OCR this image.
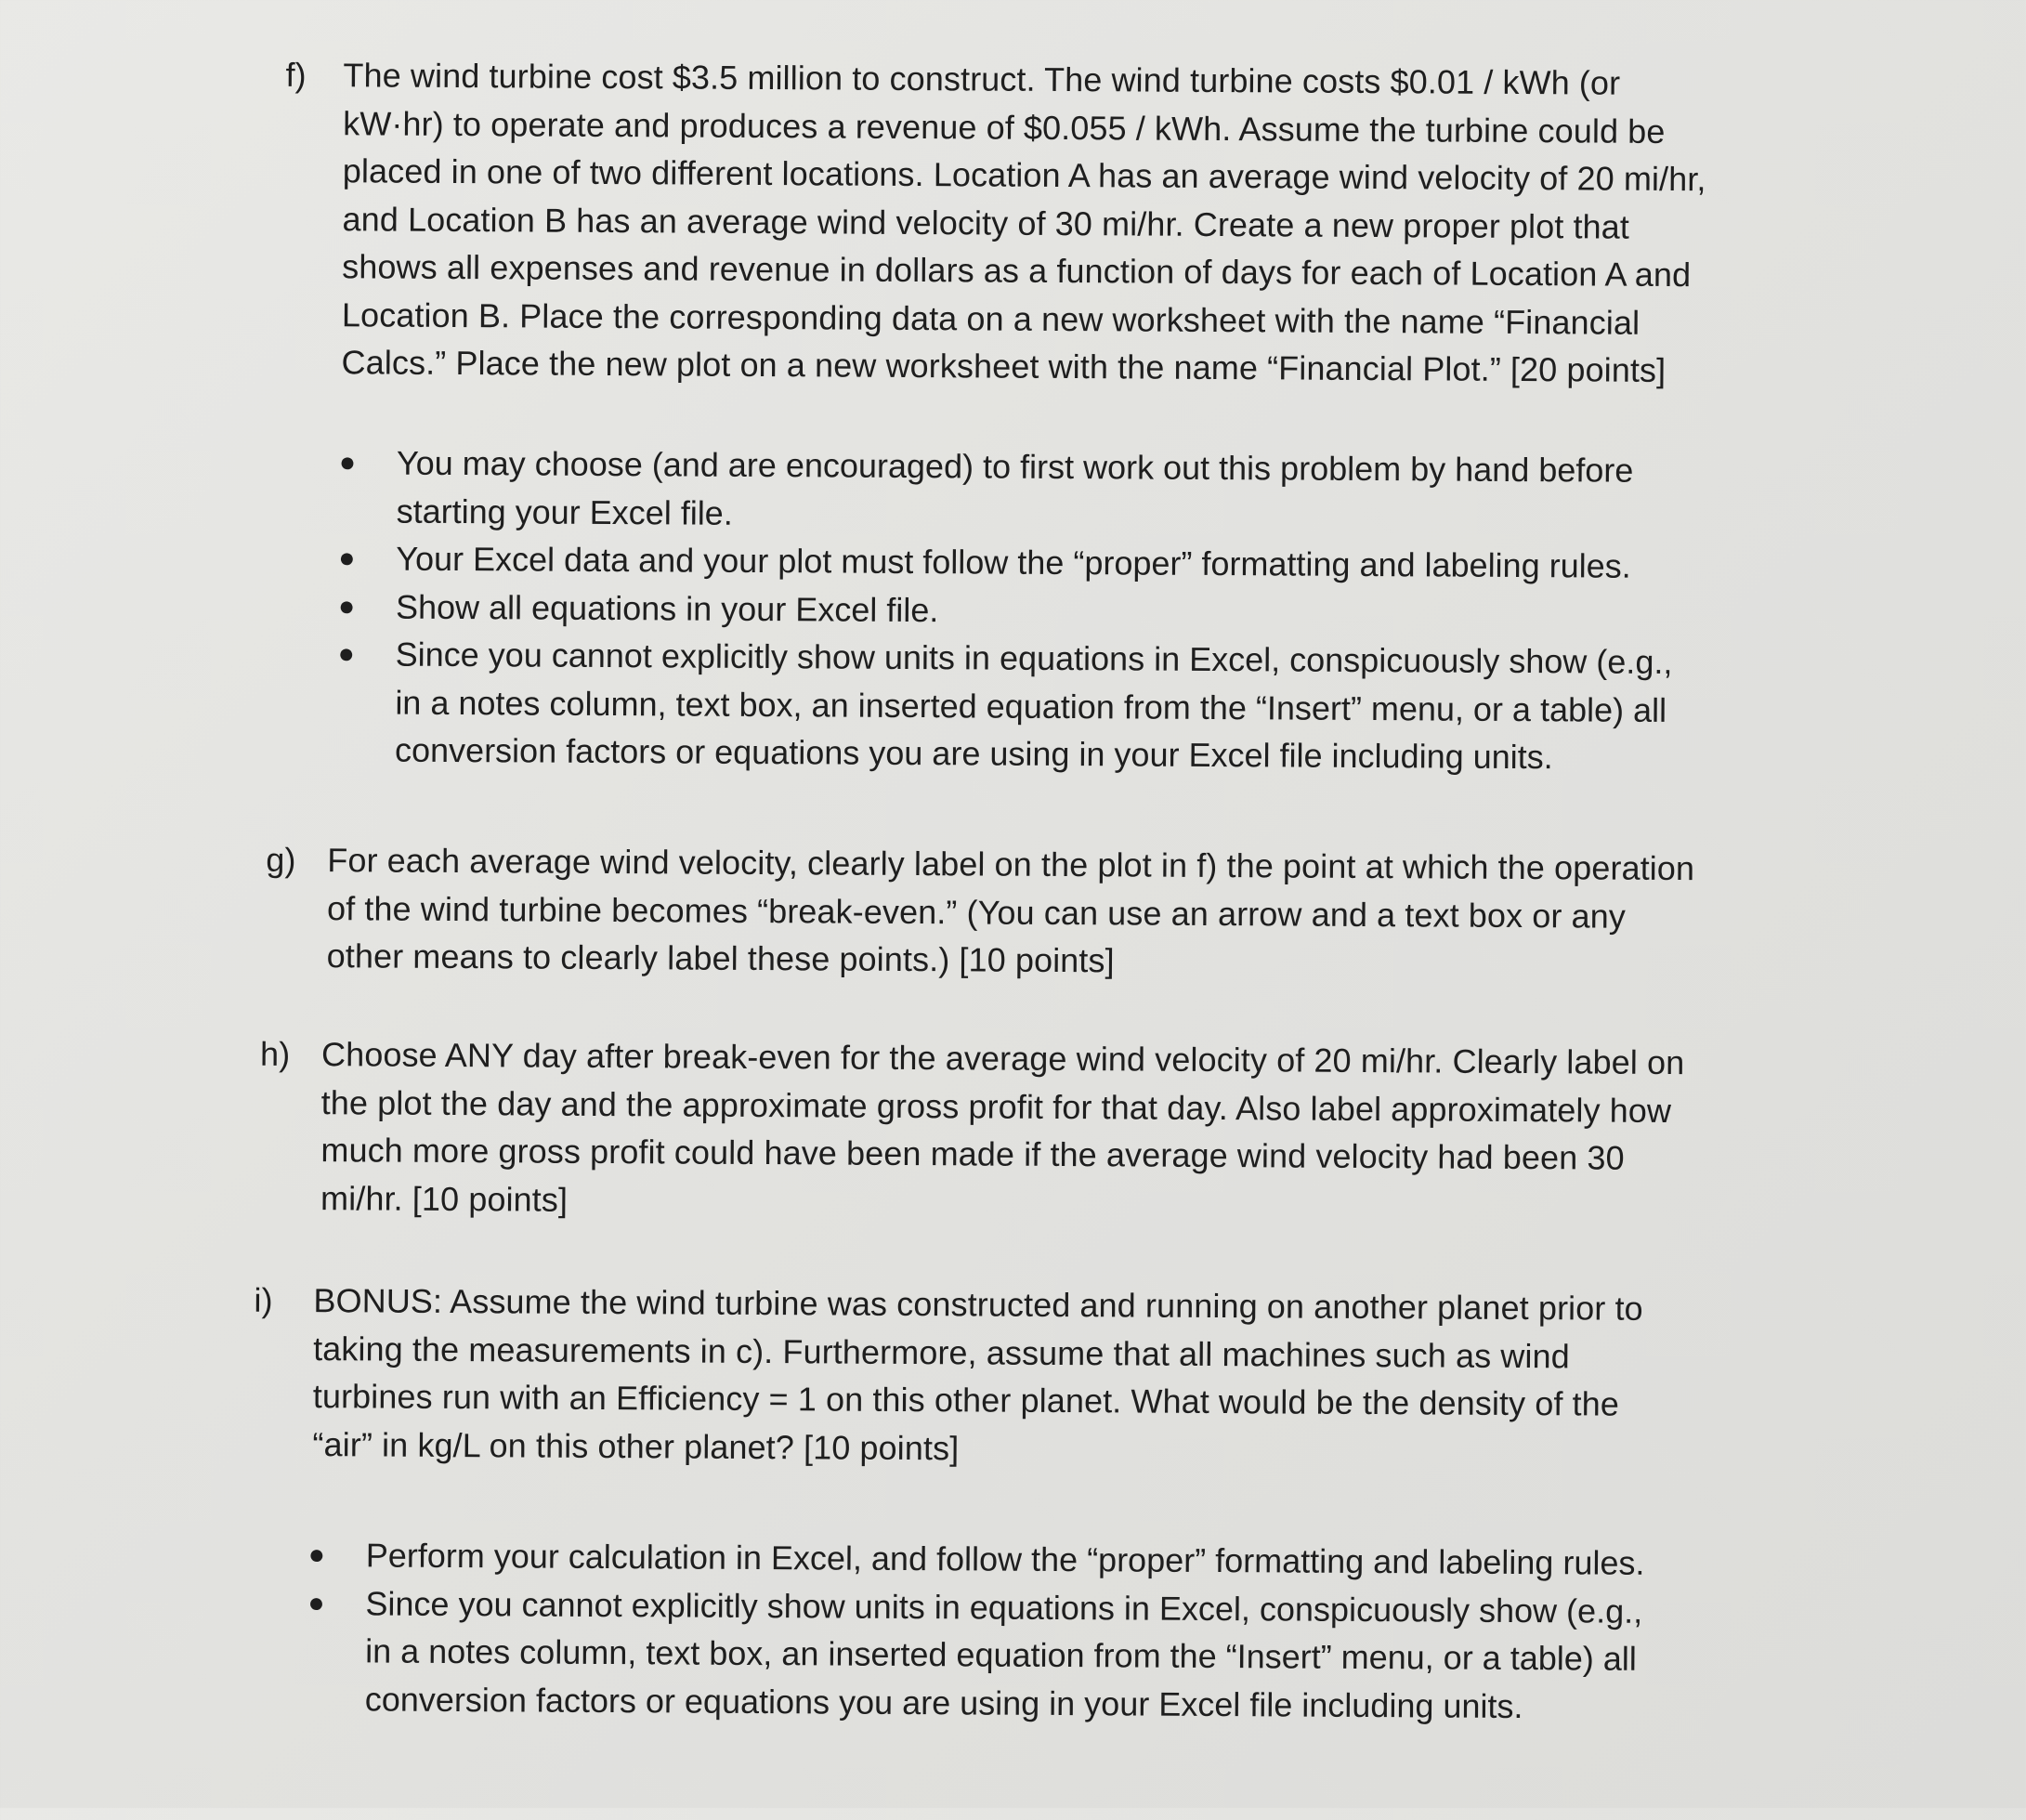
f) The wind turbine cost $3.5 million to construct. The wind turbine costs $0.01 / kWh (or
kW·hr) to operate and produces a revenue of $0.055 / kWh. Assume the turbine could be
placed in one of two different locations. Location A has an average wind velocity of 20 mi/hr,
and Location B has an average wind velocity of 30 mi/hr. Create a new proper plot that
shows all expenses and revenue in dollars as a function of days for each of Location A and
Location B. Place the corresponding data on a new worksheet with the name “Financial
Calcs.” Place the new plot on a new worksheet with the name “Financial Plot.” [20 points]
● You may choose (and are encouraged) to first work out this problem by hand before
starting your Excel file.
● Your Excel data and your plot must follow the “proper” formatting and labeling rules.
● Show all equations in your Excel file.
● Since you cannot explicitly show units in equations in Excel, conspicuously show (e.g.,
in a notes column, text box, an inserted equation from the “Insert” menu, or a table) all
conversion factors or equations you are using in your Excel file including units.
g) For each average wind velocity, clearly label on the plot in f) the point at which the operation
of the wind turbine becomes “break-even.” (You can use an arrow and a text box or any
other means to clearly label these points.) [10 points]
h) Choose ANY day after break-even for the average wind velocity of 20 mi/hr. Clearly label on
the plot the day and the approximate gross profit for that day. Also label approximately how
much more gross profit could have been made if the average wind velocity had been 30
mi/hr. [10 points]
i) BONUS: Assume the wind turbine was constructed and running on another planet prior to
taking the measurements in c). Furthermore, assume that all machines such as wind
turbines run with an Efficiency = 1 on this other planet. What would be the density of the
“air” in kg/L on this other planet? [10 points]
● Perform your calculation in Excel, and follow the “proper” formatting and labeling rules.
● Since you cannot explicitly show units in equations in Excel, conspicuously show (e.g.,
in a notes column, text box, an inserted equation from the “Insert” menu, or a table) all
conversion factors or equations you are using in your Excel file including units.
